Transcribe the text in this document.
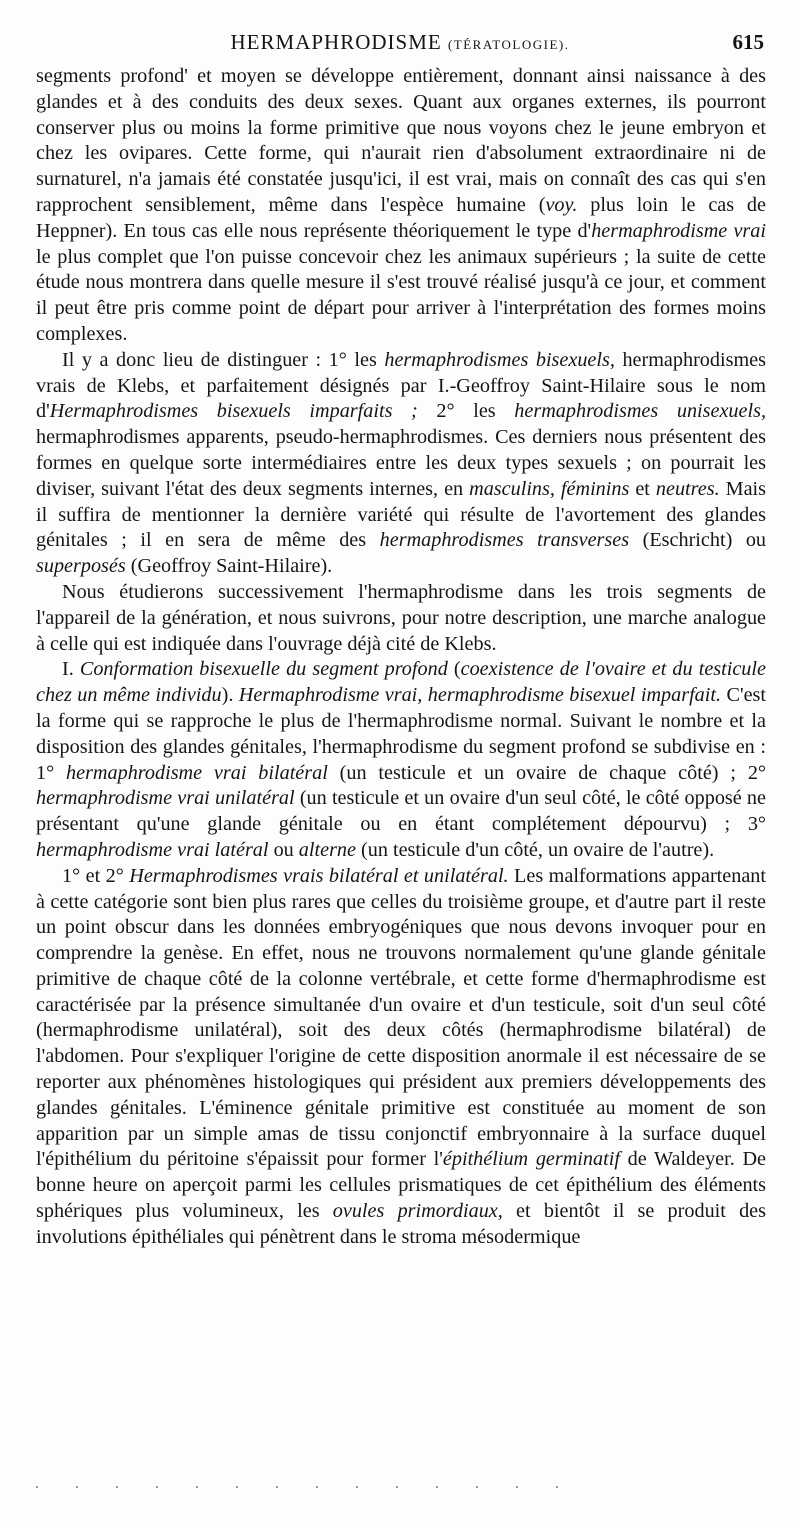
HERMAPHRODISME (TÉRATOLOGIE).	615

segments profond' et moyen se développe entièrement, donnant ainsi naissance à des glandes et à des conduits des deux sexes. Quant aux organes externes, ils pourront conserver plus ou moins la forme primitive que nous voyons chez le jeune embryon et chez les ovipares. Cette forme, qui n'aurait rien d'absolument extraordinaire ni de surnaturel, n'a jamais été constatée jusqu'ici, il est vrai, mais on connaît des cas qui s'en rapprochent sensiblement, même dans l'espèce humaine (voy. plus loin le cas de Heppner). En tous cas elle nous représente théoriquement le type d'hermaphrodisme vrai le plus complet que l'on puisse concevoir chez les animaux supérieurs ; la suite de cette étude nous montrera dans quelle mesure il s'est trouvé réalisé jusqu'à ce jour, et comment il peut être pris comme point de départ pour arriver à l'interprétation des formes moins complexes.

Il y a donc lieu de distinguer : 1° les hermaphrodismes bisexuels, hermaphrodismes vrais de Klebs, et parfaitement désignés par I.-Geoffroy Saint-Hilaire sous le nom d'Hermaphrodismes bisexuels imparfaits ; 2° les hermaphrodismes unisexuels, hermaphrodismes apparents, pseudo-hermaphrodismes. Ces derniers nous présentent des formes en quelque sorte intermédiaires entre les deux types sexuels ; on pourrait les diviser, suivant l'état des deux segments internes, en masculins, féminins et neutres. Mais il suffira de mentionner la dernière variété qui résulte de l'avortement des glandes génitales ; il en sera de même des hermaphrodismes transverses (Eschricht) ou superposés (Geoffroy Saint-Hilaire).

Nous étudierons successivement l'hermaphrodisme dans les trois segments de l'appareil de la génération, et nous suivrons, pour notre description, une marche analogue à celle qui est indiquée dans l'ouvrage déjà cité de Klebs.

I. Conformation bisexuelle du segment profond (coexistence de l'ovaire et du testicule chez un même individu). Hermaphrodisme vrai, hermaphrodisme bisexuel imparfait. C'est la forme qui se rapproche le plus de l'hermaphrodisme normal. Suivant le nombre et la disposition des glandes génitales, l'hermaphrodisme du segment profond se subdivise en : 1° hermaphrodisme vrai bilatéral (un testicule et un ovaire de chaque côté) ; 2° hermaphrodisme vrai unilatéral (un testicule et un ovaire d'un seul côté, le côté opposé ne présentant qu'une glande génitale ou en étant complétement dépourvu) ; 3° hermaphrodisme vrai latéral ou alterne (un testicule d'un côté, un ovaire de l'autre).

1° et 2° Hermaphrodismes vrais bilatéral et unilatéral. Les malformations appartenant à cette catégorie sont bien plus rares que celles du troisième groupe, et d'autre part il reste un point obscur dans les données embryogéniques que nous devons invoquer pour en comprendre la genèse. En effet, nous ne trouvons normalement qu'une glande génitale primitive de chaque côté de la colonne vertébrale, et cette forme d'hermaphrodisme est caractérisée par la présence simultanée d'un ovaire et d'un testicule, soit d'un seul côté (hermaphrodisme unilatéral), soit des deux côtés (hermaphrodisme bilatéral) de l'abdomen. Pour s'expliquer l'origine de cette disposition anormale il est nécessaire de se reporter aux phénomènes histologiques qui président aux premiers développements des glandes génitales. L'éminence génitale primitive est constituée au moment de son apparition par un simple amas de tissu conjonctif embryonnaire à la surface duquel l'épithélium du péritoine s'épaissit pour former l'épithélium germinatif de Waldeyer. De bonne heure on aperçoit parmi les cellules prismatiques de cet épithélium des éléments sphériques plus volumineux, les ovules primordiaux, et bientôt il se produit des involutions épithéliales qui pénètrent dans le stroma mésodermique
